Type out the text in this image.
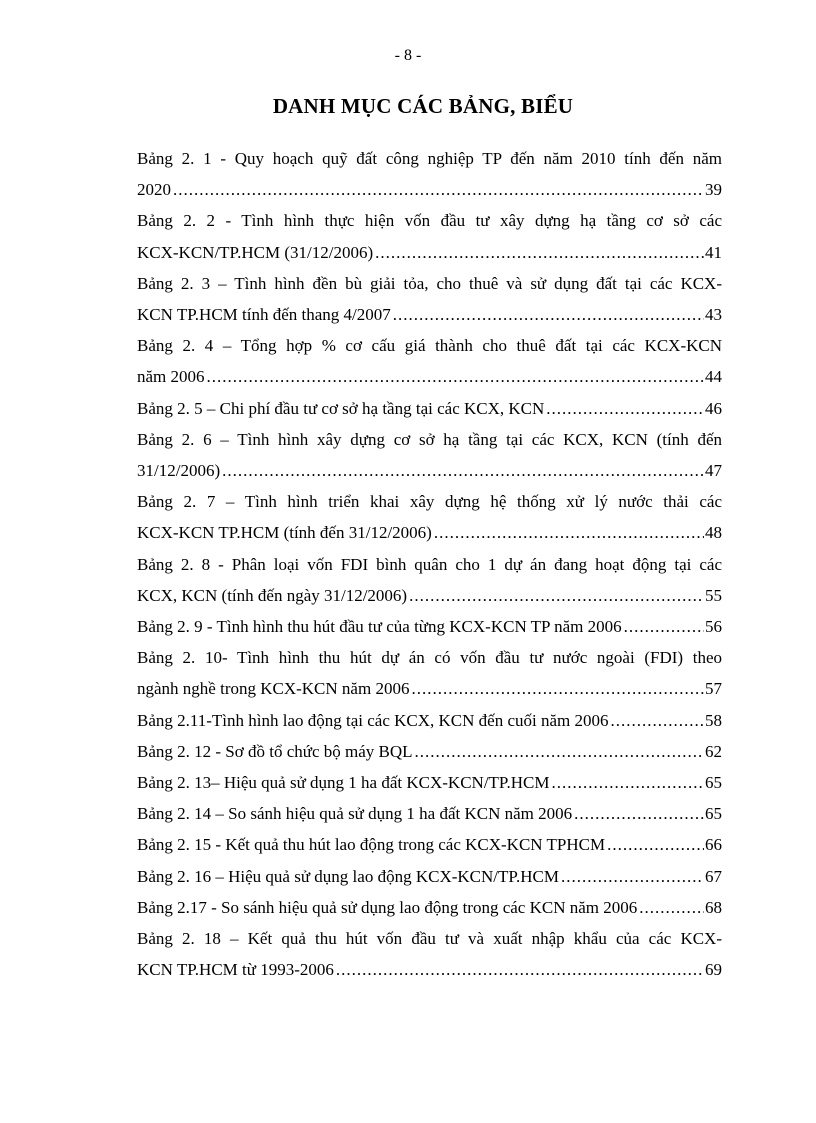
- 8 -
DANH MỤC CÁC BẢNG, BIỂU
Bảng 2. 1 - Quy hoạch quỹ đất công nghiệp TP đến năm 2010 tính đến năm
2020 .....	39
Bảng 2. 2 - Tình hình thực hiện vốn đầu tư xây dựng hạ tầng cơ sở các
KCX-KCN/TP.HCM (31/12/2006) .....	41
Bảng 2. 3 – Tình hình đền bù giải tỏa, cho thuê và sử dụng đất tại các KCX-
KCN TP.HCM tính đến thang 4/2007 .....	43
Bảng 2. 4 – Tổng hợp % cơ cấu giá thành cho thuê đất tại các KCX-KCN
năm 2006 .....	44
Bảng 2. 5 – Chi phí đầu tư cơ sở hạ tầng tại các KCX, KCN .....	46
Bảng 2. 6 – Tình hình xây dựng cơ sở hạ tầng tại các KCX, KCN (tính đến
31/12/2006) .....	47
Bảng 2. 7 – Tình hình triển khai xây dựng hệ thống xử lý nước thải các
KCX-KCN TP.HCM (tính đến 31/12/2006) .....	48
Bảng 2. 8 - Phân loại vốn FDI bình quân cho 1 dự án đang hoạt động tại các
KCX, KCN (tính đến ngày 31/12/2006) .....	55
Bảng 2. 9 - Tình hình thu hút đầu tư của từng KCX-KCN TP năm 2006 .....	56
Bảng 2. 10- Tình hình thu hút dự án có vốn đầu tư nước ngoài (FDI) theo
ngành nghề trong KCX-KCN năm 2006 .....	57
Bảng 2.11-Tình hình lao động tại các KCX, KCN đến cuối năm 2006 .....	58
Bảng 2. 12 - Sơ đồ tổ chức bộ máy BQL .....	62
Bảng 2. 13– Hiệu quả sử dụng 1 ha đất KCX-KCN/TP.HCM .....	65
Bảng 2. 14 – So sánh hiệu quả sử dụng 1 ha đất KCN năm 2006 .....	65
Bảng 2. 15 - Kết quả thu hút lao động trong các KCX-KCN TPHCM .....	66
Bảng 2. 16 – Hiệu quả sử dụng lao động KCX-KCN/TP.HCM .....	67
Bảng 2.17 - So sánh hiệu quả sử dụng lao động trong các KCN năm 2006 .....	68
Bảng 2. 18 – Kết quả thu hút vốn đầu tư và xuất nhập khẩu của các KCX-
KCN TP.HCM từ 1993-2006 .....	69
